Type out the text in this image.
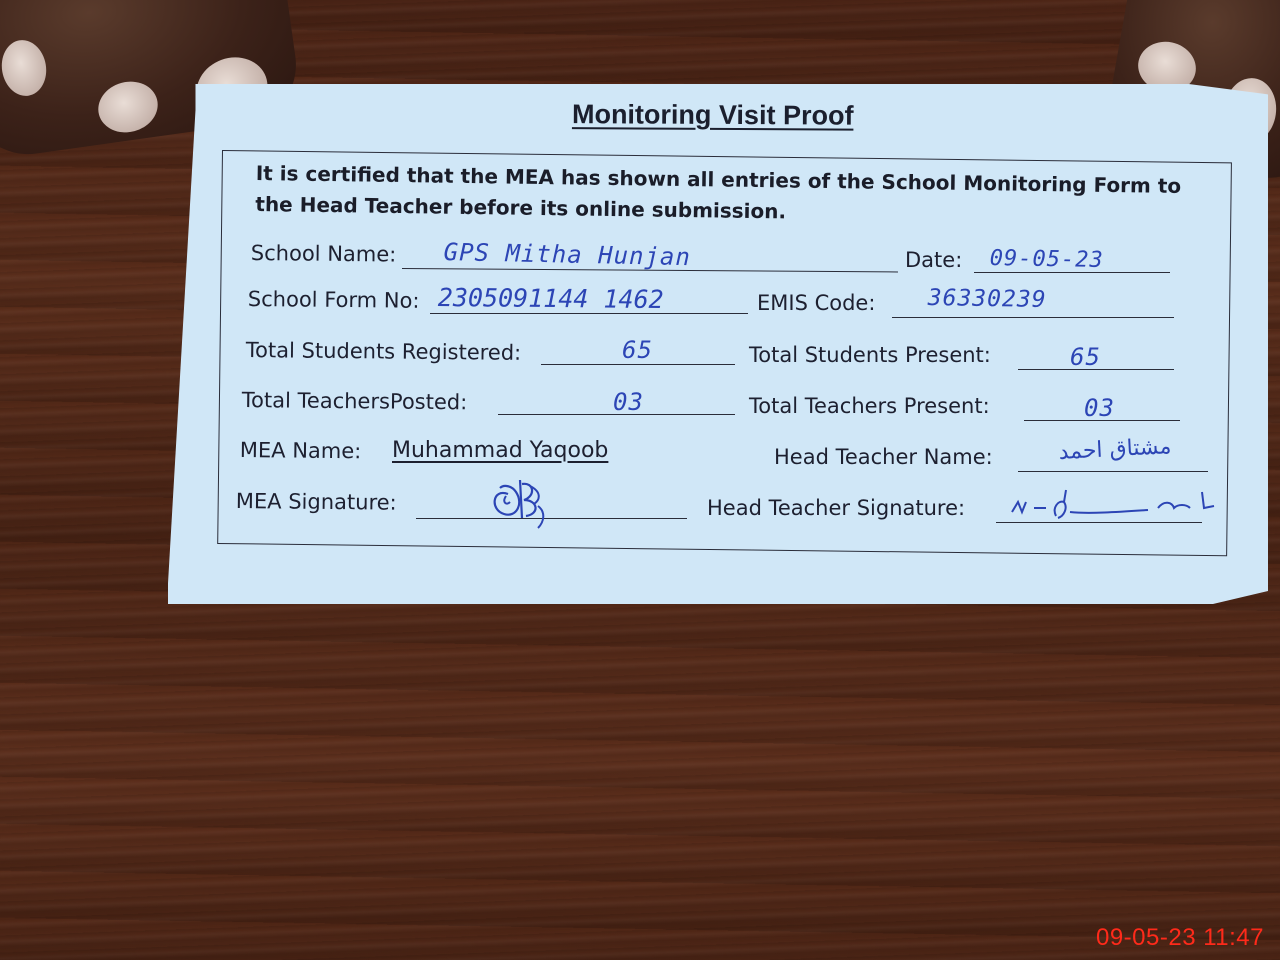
Monitoring Visit Proof
It is certified that the MEA has shown all entries of the School Monitoring Form to the Head Teacher before its online submission.
School Name: GPS Mitha Hunjan	Date: 09-05-23
School Form No: 2305091144 1462	EMIS Code: 36330239
Total Students Registered:	65	Total Students Present:	65
Total TeachersPosted:	03	Total Teachers Present:	03
MEA Name: Muhammad Yaqoob	Head Teacher Name:	مشتاق احمد
MEA Signature:	Head Teacher Signature:
09-05-23 11:47
